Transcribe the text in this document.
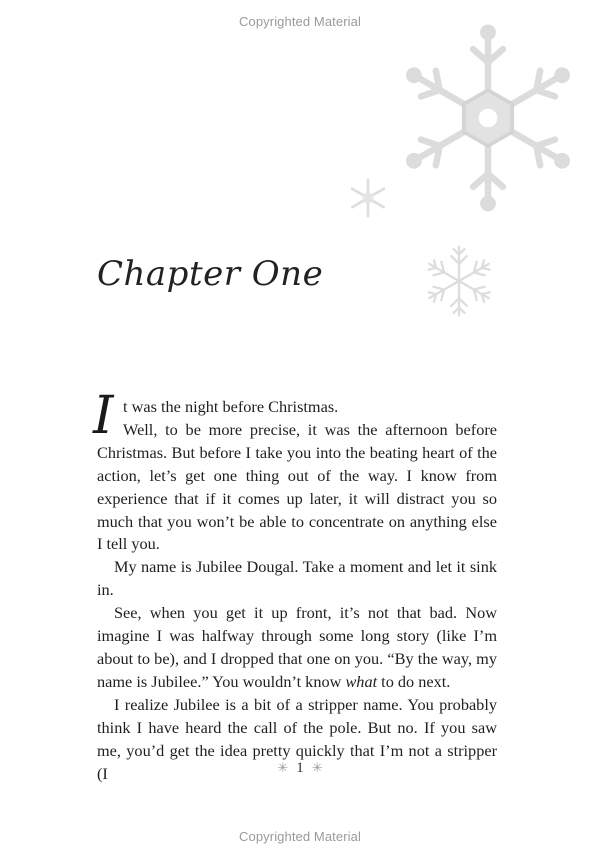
Copyrighted Material
Chapter One

I t was the night before Christmas.

Well, to be more precise, it was the afternoon before Christmas. But before I take you into the beating heart of the action, let’s get one thing out of the way. I know from experience that if it comes up later, it will distract you so much that you won’t be able to concentrate on anything else I tell you.

My name is Jubilee Dougal. Take a moment and let it sink in.

See, when you get it up front, it’s not that bad. Now imagine I was halfway through some long story (like I’m about to be), and I dropped that one on you. “By the way, my name is Jubilee.” You wouldn’t know what to do next.

I realize Jubilee is a bit of a stripper name. You probably think I have heard the call of the pole. But no. If you saw me, you’d get the idea pretty quickly that I’m not a stripper (I	✳ 1 ✳
Copyrighted Material
